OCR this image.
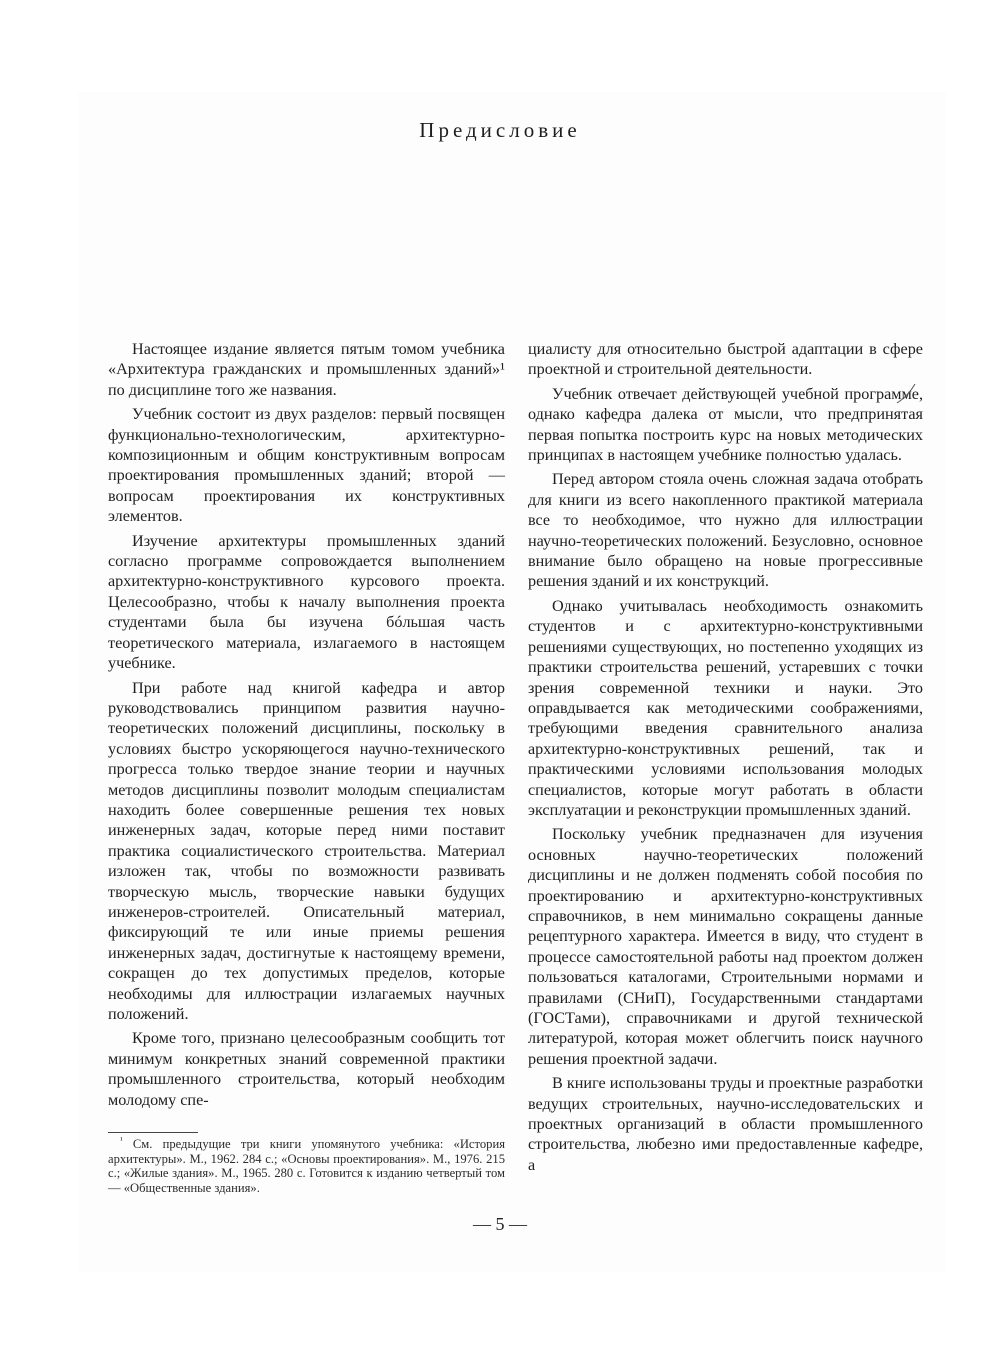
Предисловие

Настоящее издание является пятым томом учебника «Архитектура гражданских и промышленных зданий»¹ по дисциплине того же названия.

Учебник состоит из двух разделов: первый посвящен функционально-технологическим, архитектурно-композиционным и общим конструктивным вопросам проектирования промышленных зданий; второй — вопросам проектирования их конструктивных элементов.

Изучение архитектуры промышленных зданий согласно программе сопровождается выполнением архитектурно-конструктивного курсового проекта. Целесообразно, чтобы к началу выполнения проекта студентами была бы изучена бóльшая часть теоретического материала, излагаемого в настоящем учебнике.

При работе над книгой кафедра и автор руководствовались принципом развития научно-теоретических положений дисциплины, поскольку в условиях быстро ускоряющегося научно-технического прогресса только твердое знание теории и научных методов дисциплины позволит молодым специалистам находить более совершенные решения тех новых инженерных задач, которые перед ними поставит практика социалистического строительства. Материал изложен так, чтобы по возможности развивать творческую мысль, творческие навыки будущих инженеров-строителей. Описательный материал, фиксирующий те или иные приемы решения инженерных задач, достигнутые к настоящему времени, сокращен до тех допустимых пределов, которые необходимы для иллюстрации излагаемых научных положений.

Кроме того, признано целесообразным сообщить тот минимум конкретных знаний современной практики промышленного строительства, который необходим молодому спе-

циалисту для относительно быстрой адаптации в сфере проектной и строительной деятельности.

Учебник отвечает действующей учебной программе, однако кафедра далека от мысли, что предпринятая первая попытка построить курс на новых методических принципах в настоящем учебнике полностью удалась.

Перед автором стояла очень сложная задача отобрать для книги из всего накопленного практикой материала все то необходимое, что нужно для иллюстрации научно-теоретических положений. Безусловно, основное внимание было обращено на новые прогрессивные решения зданий и их конструкций.

Однако учитывалась необходимость ознакомить студентов и с архитектурно-конструктивными решениями существующих, но постепенно уходящих из практики строительства решений, устаревших с точки зрения современной техники и науки. Это оправдывается как методическими соображениями, требующими введения сравнительного анализа архитектурно-конструктивных решений, так и практическими условиями использования молодых специалистов, которые могут работать в области эксплуатации и реконструкции промышленных зданий.

Поскольку учебник предназначен для изучения основных научно-теоретических положений дисциплины и не должен подменять собой пособия по проектированию и архитектурно-конструктивных справочников, в нем минимально сокращены данные рецептурного характера. Имеется в виду, что студент в процессе самостоятельной работы над проектом должен пользоваться каталогами, Строительными нормами и правилами (СНиП), Государственными стандартами (ГОСТами), справочниками и другой технической литературой, которая может облегчить поиск научного решения проектной задачи.

В книге использованы труды и проектные разработки ведущих строительных, научно-исследовательских и проектных организаций в области промышленного строительства, любезно ими предоставленные кафедре, а

$^{^1}$ См. предыдущие три книги упомянутого учебника: «История архитектуры». М., 1962. 284 с.; «Основы проектирования». М., 1976. 215 с.; «Жилые здания». М., 1965. 280 с. Готовится к изданию четвертый том — «Общественные здания».
— 5 —
